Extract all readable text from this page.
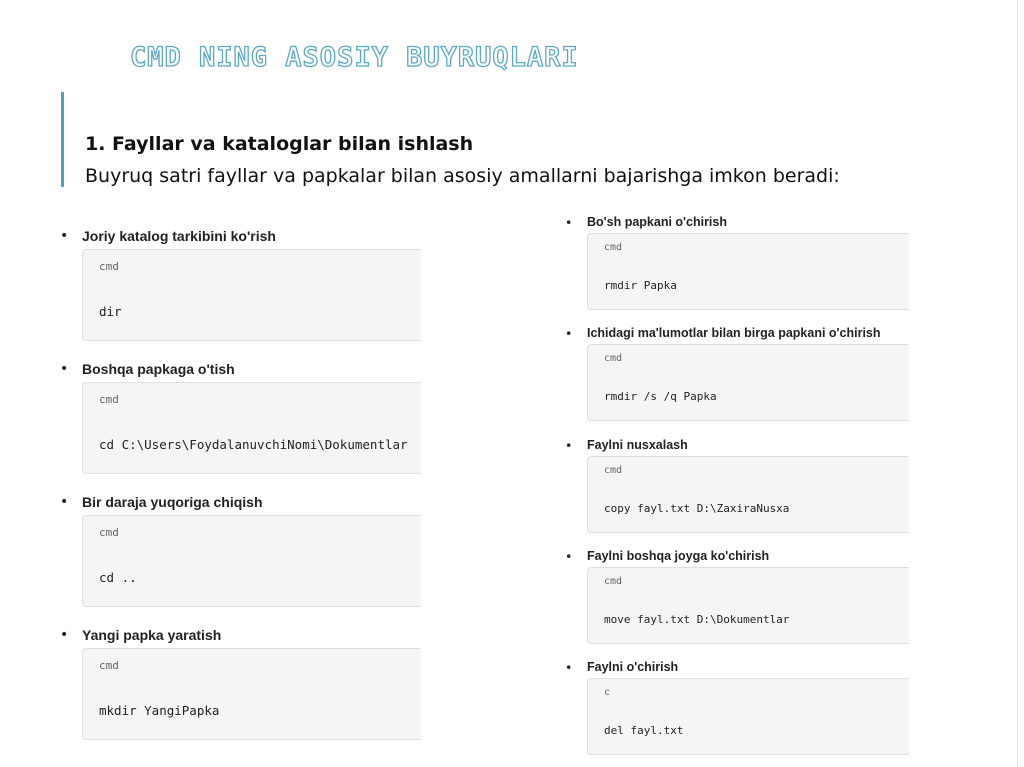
CMD NING ASOSIY BUYRUQLARI
1. Fayllar va kataloglar bilan ishlash
Buyruq satri fayllar va papkalar bilan asosiy amallarni bajarishga imkon beradi:
• Joriy katalog tarkibini ko'rish
cmd
dir
• Boshqa papkaga o'tish
cmd
cd C:\Users\FoydalanuvchiNomi\Dokumentlar
• Bir daraja yuqoriga chiqish
cmd
cd ..
• Yangi papka yaratish
cmd
mkdir YangiPapka
• Bo'sh papkani o'chirish
cmd
rmdir Papka
• Ichidagi ma'lumotlar bilan birga papkani o'chirish
cmd
rmdir /s /q Papka
• Faylni nusxalash
cmd
copy fayl.txt D:\ZaxiraNusxa
• Faylni boshqa joyga ko'chirish
cmd
move fayl.txt D:\Dokumentlar
• Faylni o'chirish
c
del fayl.txt
